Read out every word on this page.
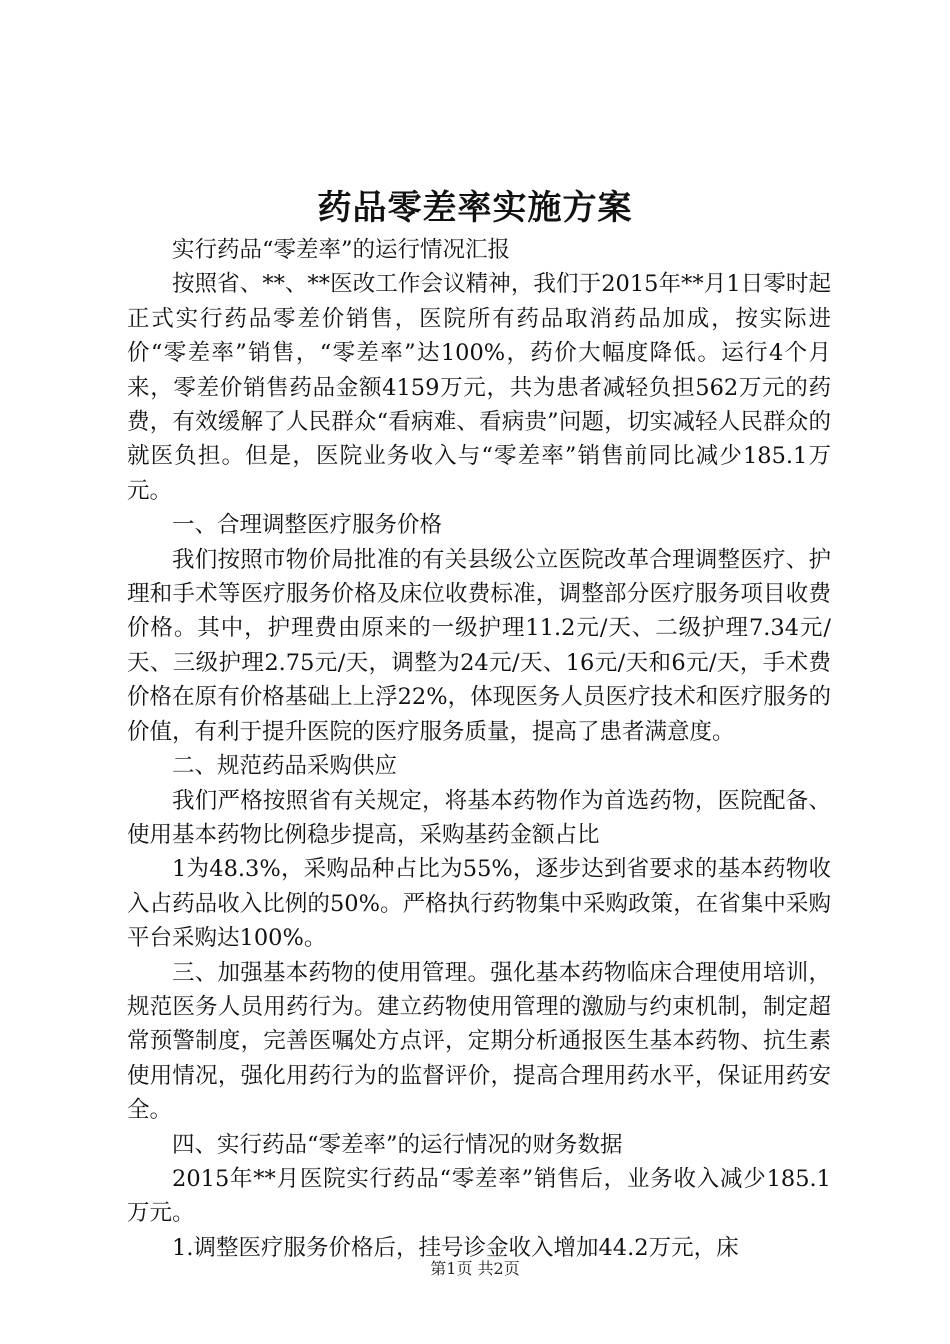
药品零差率实施方案

实行药品“零差率”的运行情况汇报

按照省、**、**医改工作会议精神，我们于2015年**月1日零时起正式实行药品零差价销售，医院所有药品取消药品加成，按实际进价“零差率”销售，“零差率”达100%，药价大幅度降低。运行4个月来，零差价销售药品金额4159万元，共为患者减轻负担562万元的药费，有效缓解了人民群众“看病难、看病贵”问题，切实减轻人民群众的就医负担。但是，医院业务收入与“零差率”销售前同比减少185.1万元。

一、合理调整医疗服务价格

我们按照市物价局批准的有关县级公立医院改革合理调整医疗、护理和手术等医疗服务价格及床位收费标准，调整部分医疗服务项目收费价格。其中，护理费由原来的一级护理11.2元/天、二级护理7.34元/天、三级护理2.75元/天，调整为24元/天、16元/天和6元/天，手术费价格在原有价格基础上上浮22%，体现医务人员医疗技术和医疗服务的价值，有利于提升医院的医疗服务质量，提高了患者满意度。

二、规范药品采购供应

我们严格按照省有关规定，将基本药物作为首选药物，医院配备、使用基本药物比例稳步提高，采购基药金额占比

1为48.3%，采购品种占比为55%，逐步达到省要求的基本药物收入占药品收入比例的50%。严格执行药物集中采购政策，在省集中采购平台采购达100%。

三、加强基本药物的使用管理。强化基本药物临床合理使用培训，规范医务人员用药行为。建立药物使用管理的激励与约束机制，制定超常预警制度，完善医嘱处方点评，定期分析通报医生基本药物、抗生素使用情况，强化用药行为的监督评价，提高合理用药水平，保证用药安全。

四、实行药品“零差率”的运行情况的财务数据

2015年**月医院实行药品“零差率”销售后，业务收入减少185.1万元。

1.调整医疗服务价格后，挂号诊金收入增加44.2万元，床

第1页 共2页
